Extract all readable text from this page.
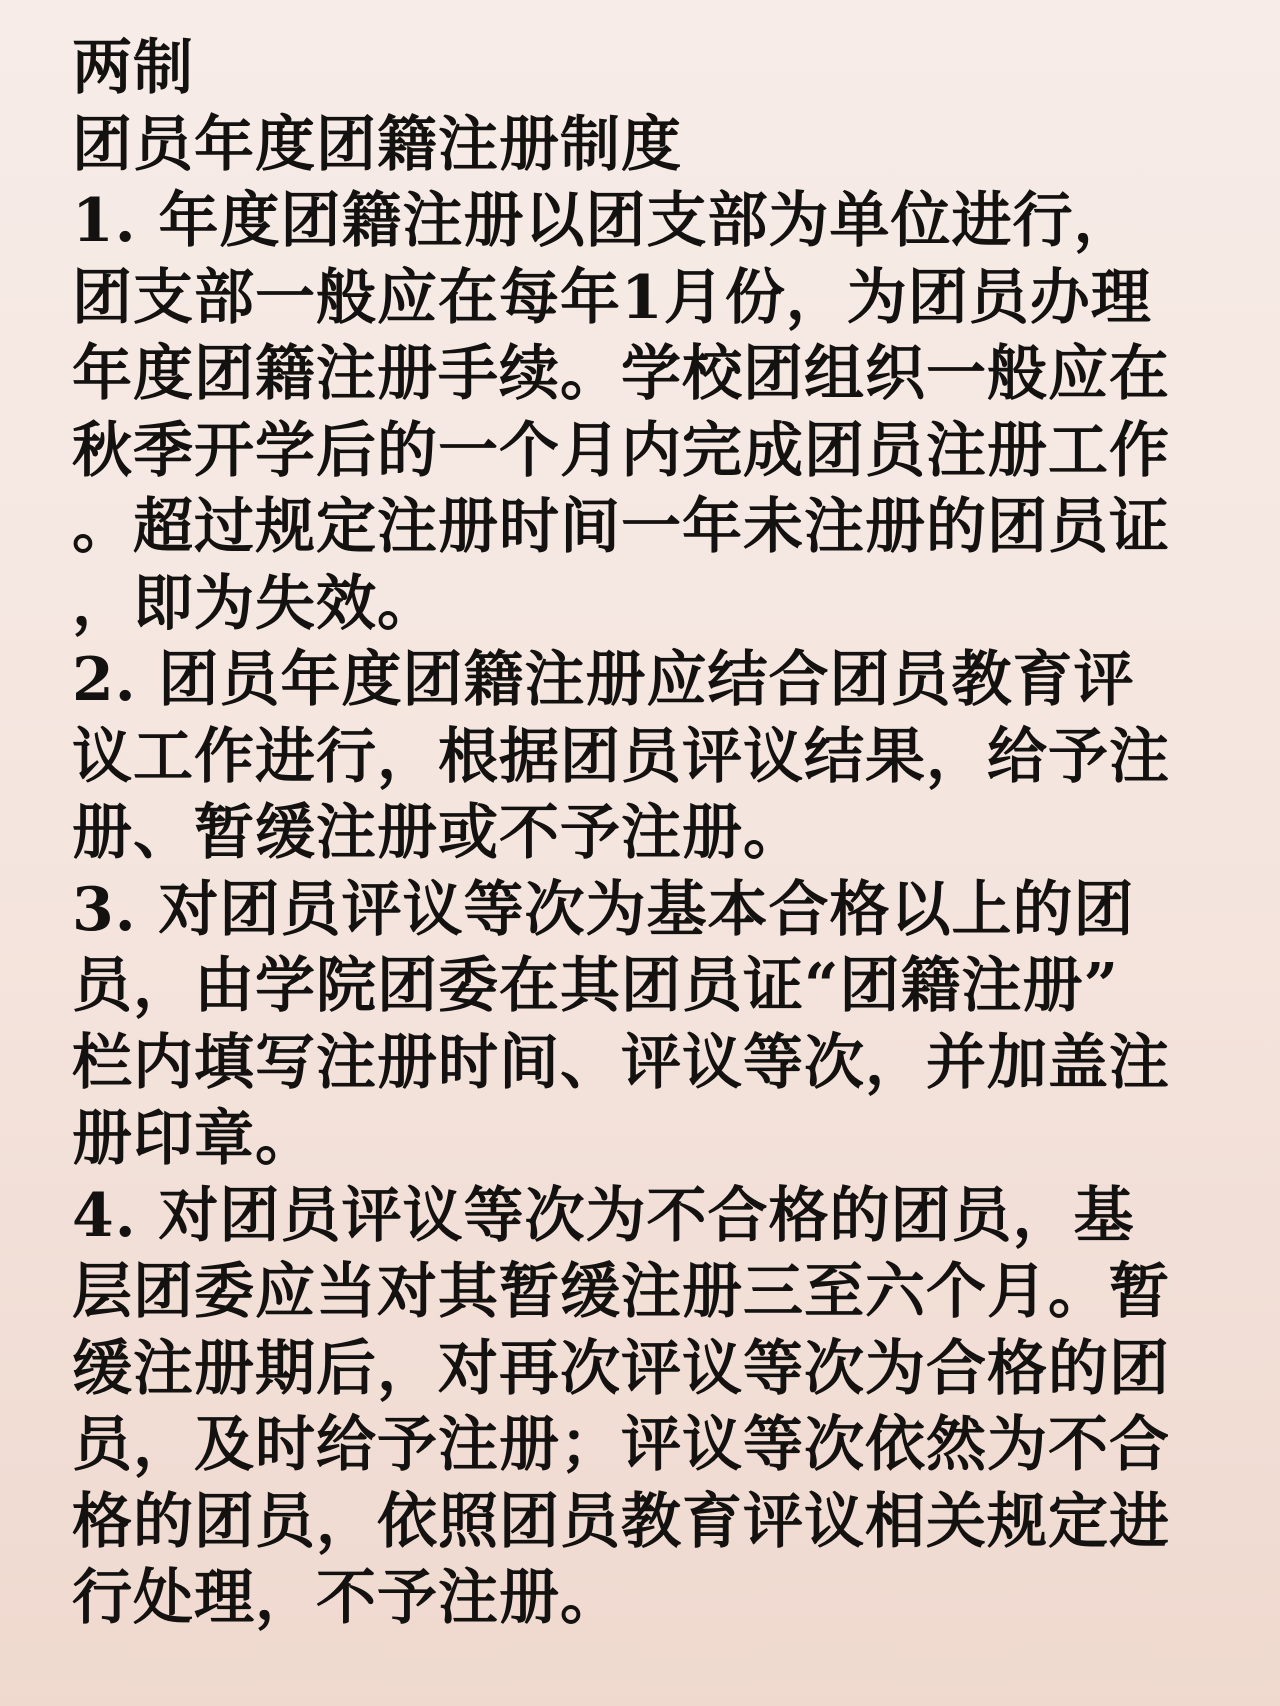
两制
团员年度团籍注册制度
1. 年度团籍注册以团支部为单位进行，
团支部一般应在每年1月份，为团员办理
年度团籍注册手续。学校团组织一般应在
秋季开学后的一个月内完成团员注册工作
。超过规定注册时间一年未注册的团员证
，即为失效。
2. 团员年度团籍注册应结合团员教育评
议工作进行，根据团员评议结果，给予注
册、暂缓注册或不予注册。
3. 对团员评议等次为基本合格以上的团
员，由学院团委在其团员证“团籍注册”
栏内填写注册时间、评议等次，并加盖注
册印章。
4. 对团员评议等次为不合格的团员，基
层团委应当对其暂缓注册三至六个月。暂
缓注册期后，对再次评议等次为合格的团
员，及时给予注册；评议等次依然为不合
格的团员，依照团员教育评议相关规定进
行处理，不予注册。
